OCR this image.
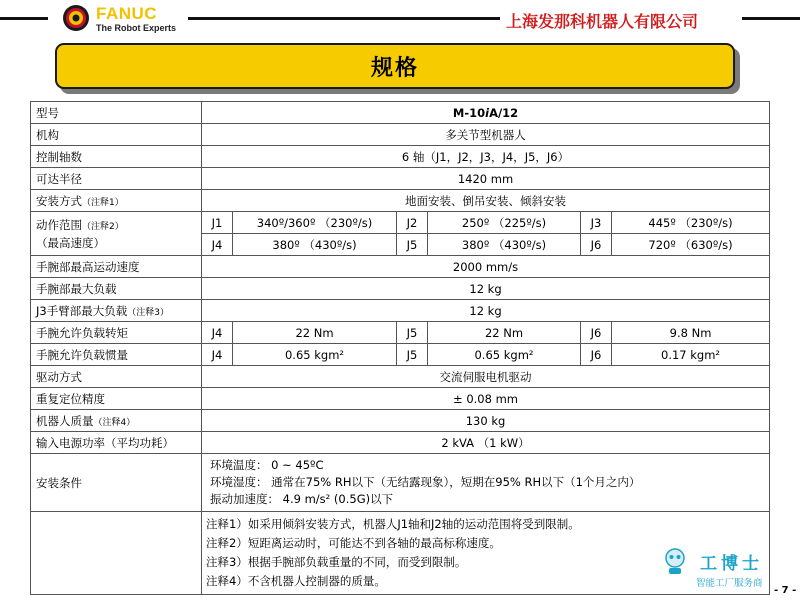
FANUC
The Robot Experts	上海发那科机器人有限公司
规格
型号	M-10iA/12					
机构	多关节型机器人					
控制轴数	6 轴（J1，J2，J3，J4，J5，J6）					
可达半径	1420 mm					
安装方式（注释1）	地面安装、倒吊安装、倾斜安装					
动作范围（注释2）
（最高速度）	J1	340º/360º （230º/s)	J2	250º （225º/s)	J3	445º （230º/s)
	J4	380º （430º/s)	J5	380º （430º/s)	J6	720º （630º/s)
手腕部最高运动速度	2000 mm/s					
手腕部最大负载	12 kg					
J3手臂部最大负载（注释3）	12 kg					
手腕允许负载转矩	J4	22 Nm	J5	22 Nm	J6	9.8 Nm
手腕允许负载惯量	J4	0.65 kgm²	J5	0.65 kgm²	J6	0.17 kgm²
驱动方式	交流伺服电机驱动					
重复定位精度	± 0.08 mm					
机器人质量（注释4）	130 kg					
输入电源功率（平均功耗）	2 kVA （1 kW）					
安装条件	环境温度： 0 ~ 45ºC
环境湿度： 通常在75% RH以下（无结露现象），短期在95% RH以下（1个月之内）
振动加速度： 4.9 m/s² (0.5G)以下					

	注释1）如采用倾斜安装方式，机器人J1轴和J2轴的运动范围将受到限制。
注释2）短距离运动时，可能达不到各轴的最高标称速度。
注释3）根据手腕部负载重量的不同，而受到限制。
注释4）不含机器人控制器的质量。					
工博士
智能工厂服务商
- 7 -
